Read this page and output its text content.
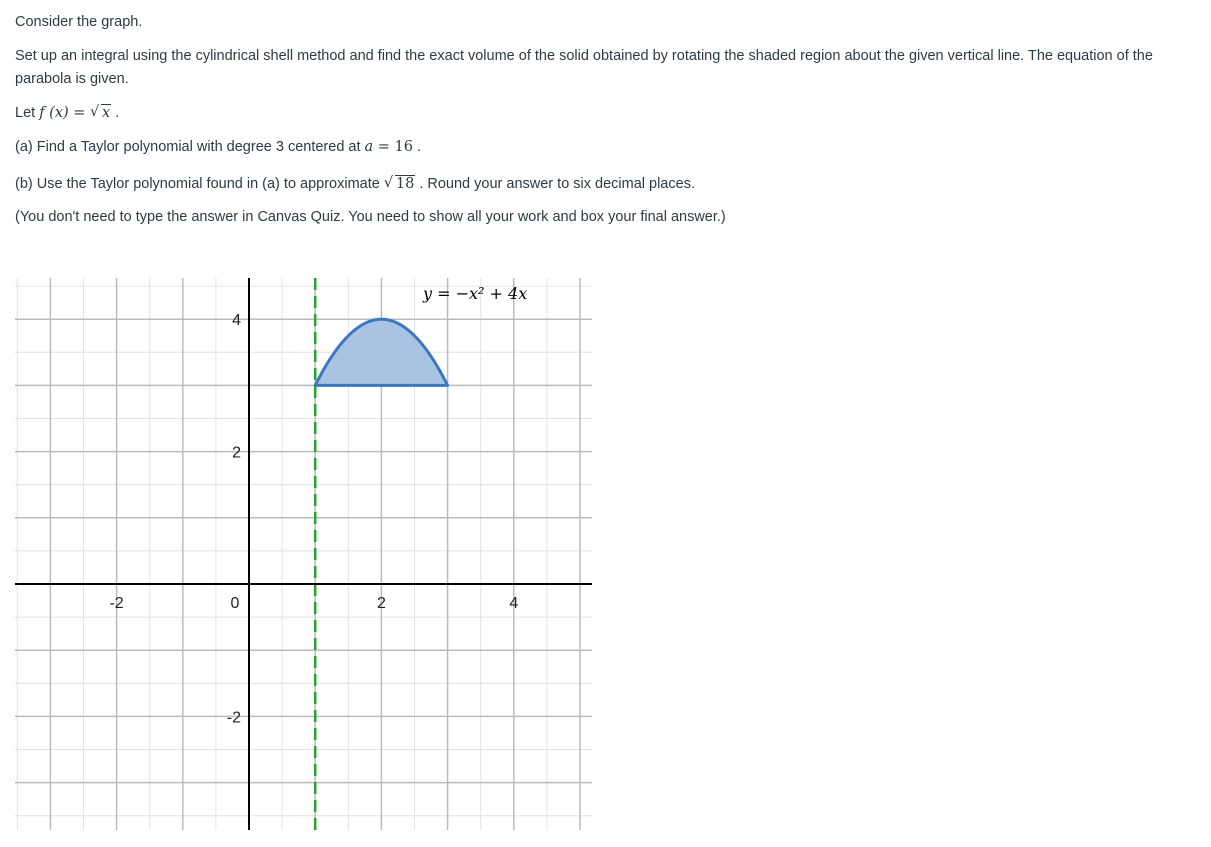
Consider the graph.
Set up an integral using the cylindrical shell method and find the exact volume of the solid obtained by rotating the shaded region about the given vertical line. The equation of the parabola is given.
Let f (x) = √ x .
(a) Find a Taylor polynomial with degree 3 centered at a = 16 .
(b) Use the Taylor polynomial found in (a) to approximate √ 18 . Round your answer to six decimal places.
(You don't need to type the answer in Canvas Quiz. You need to show all your work and box your final answer.)
-2	0	2	4
4
2
-2
y = −x² + 4x
